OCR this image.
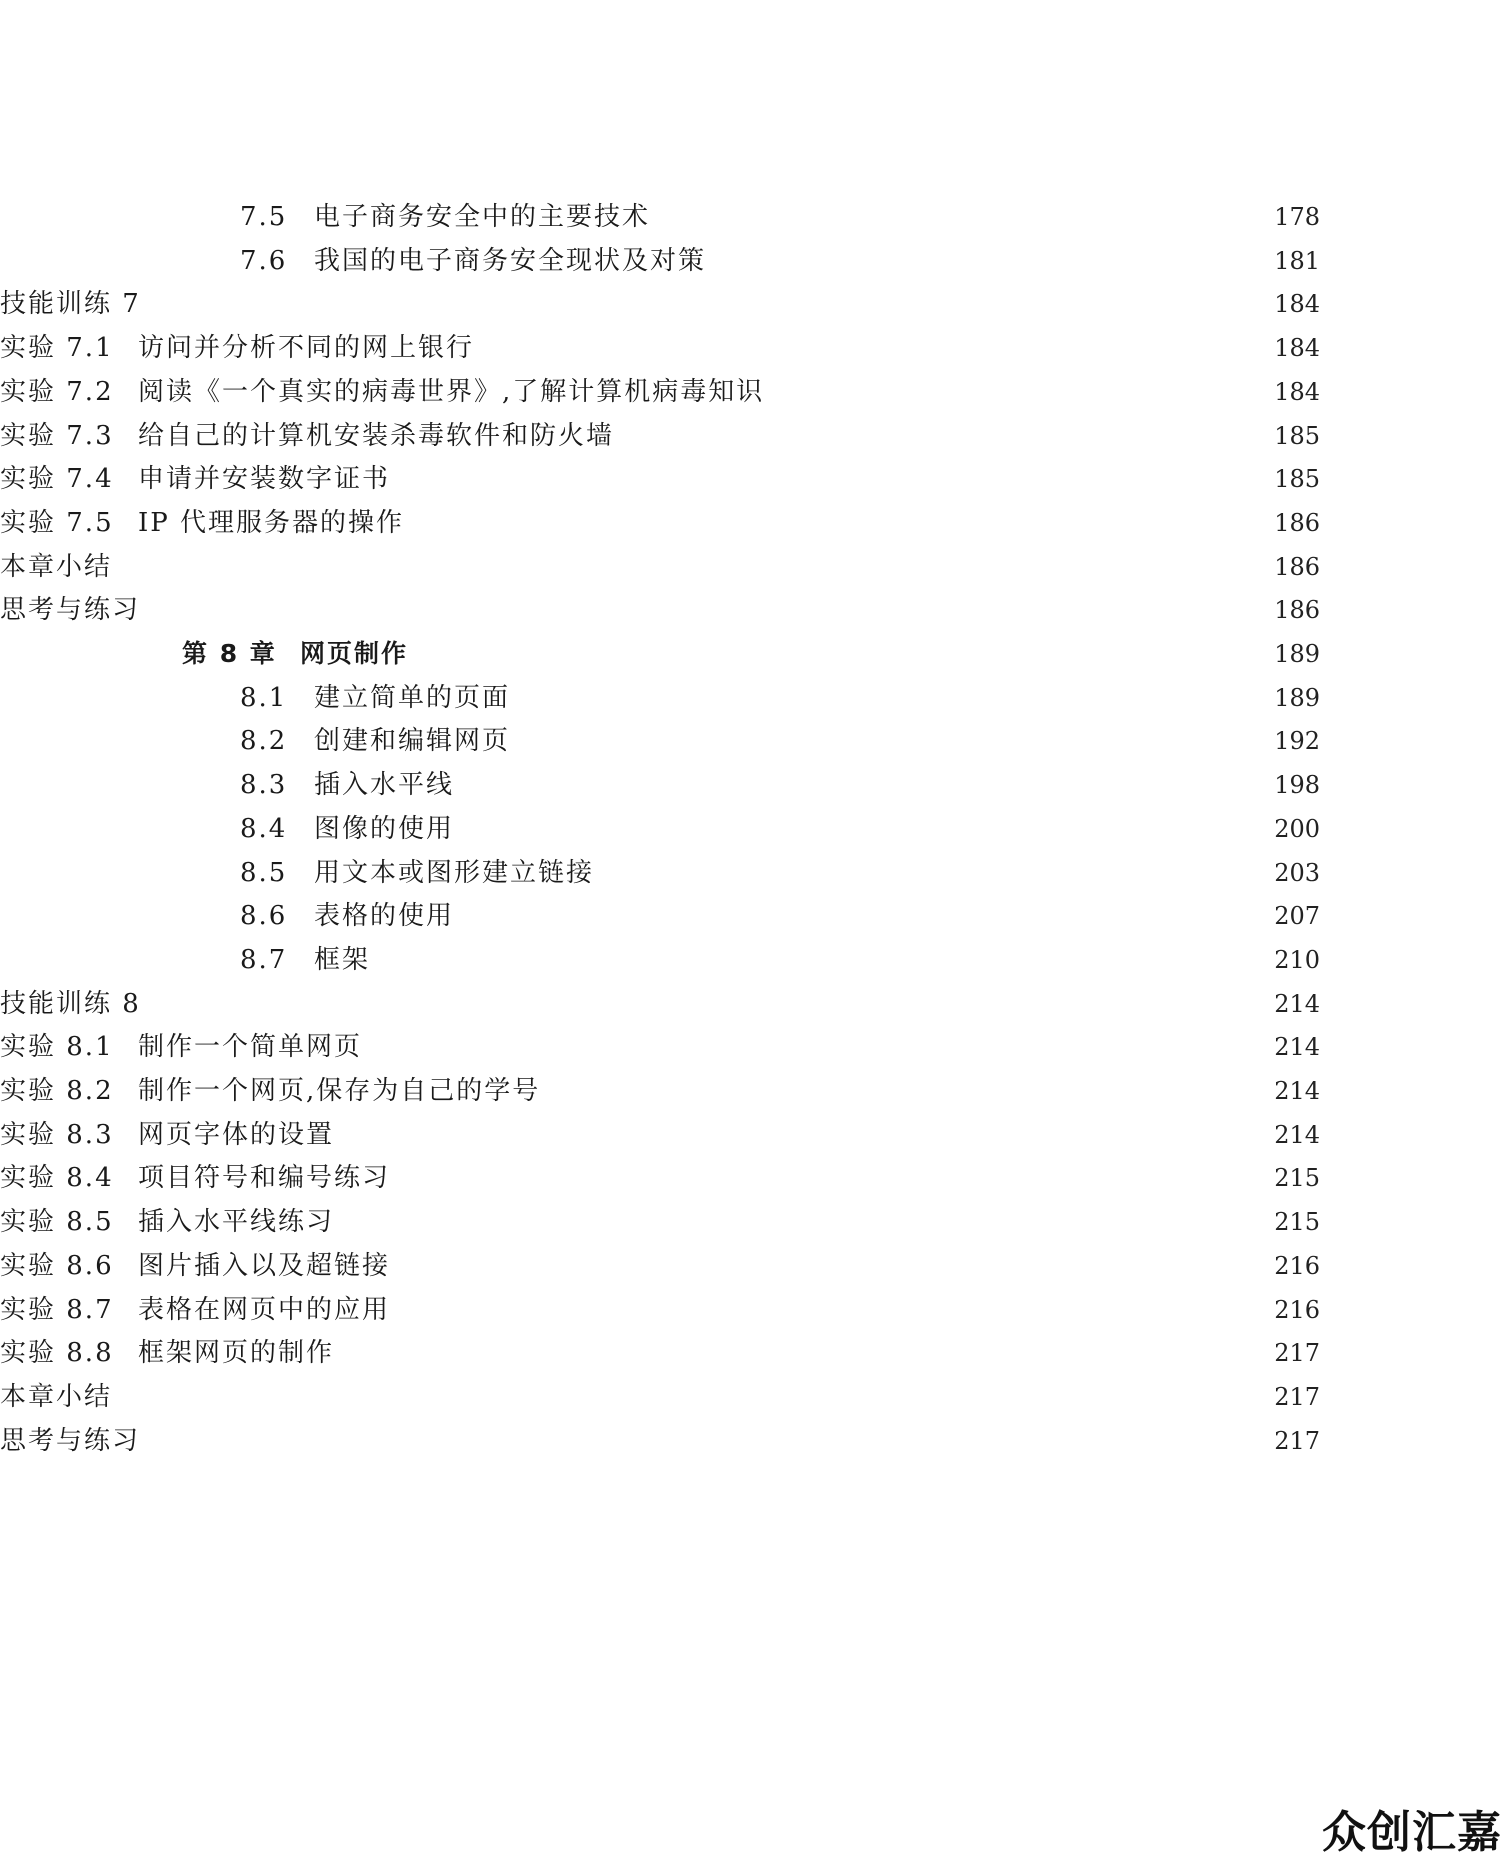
7.5	电子商务安全中的主要技术	178
7.6	我国的电子商务安全现状及对策	181
技能训练 7	184
实验 7.1 访问并分析不同的网上银行	184
实验 7.2 阅读《一个真实的病毒世界》,了解计算机病毒知识	184
实验 7.3 给自己的计算机安装杀毒软件和防火墙	185
实验 7.4 申请并安装数字证书	185
实验 7.5 IP 代理服务器的操作	186
本章小结	186
思考与练习	186
第 8 章 网页制作	189
8.1	建立简单的页面	189
8.2	创建和编辑网页	192
8.3	插入水平线	198
8.4	图像的使用	200
8.5	用文本或图形建立链接	203
8.6	表格的使用	207
8.7	框架	210
技能训练 8	214
实验 8.1 制作一个简单网页	214
实验 8.2 制作一个网页,保存为自己的学号	214
实验 8.3 网页字体的设置	214
实验 8.4 项目符号和编号练习	215
实验 8.5 插入水平线练习	215
实验 8.6 图片插入以及超链接	216
实验 8.7 表格在网页中的应用	216
实验 8.8 框架网页的制作	217
本章小结	217
思考与练习	217
众创汇嘉
